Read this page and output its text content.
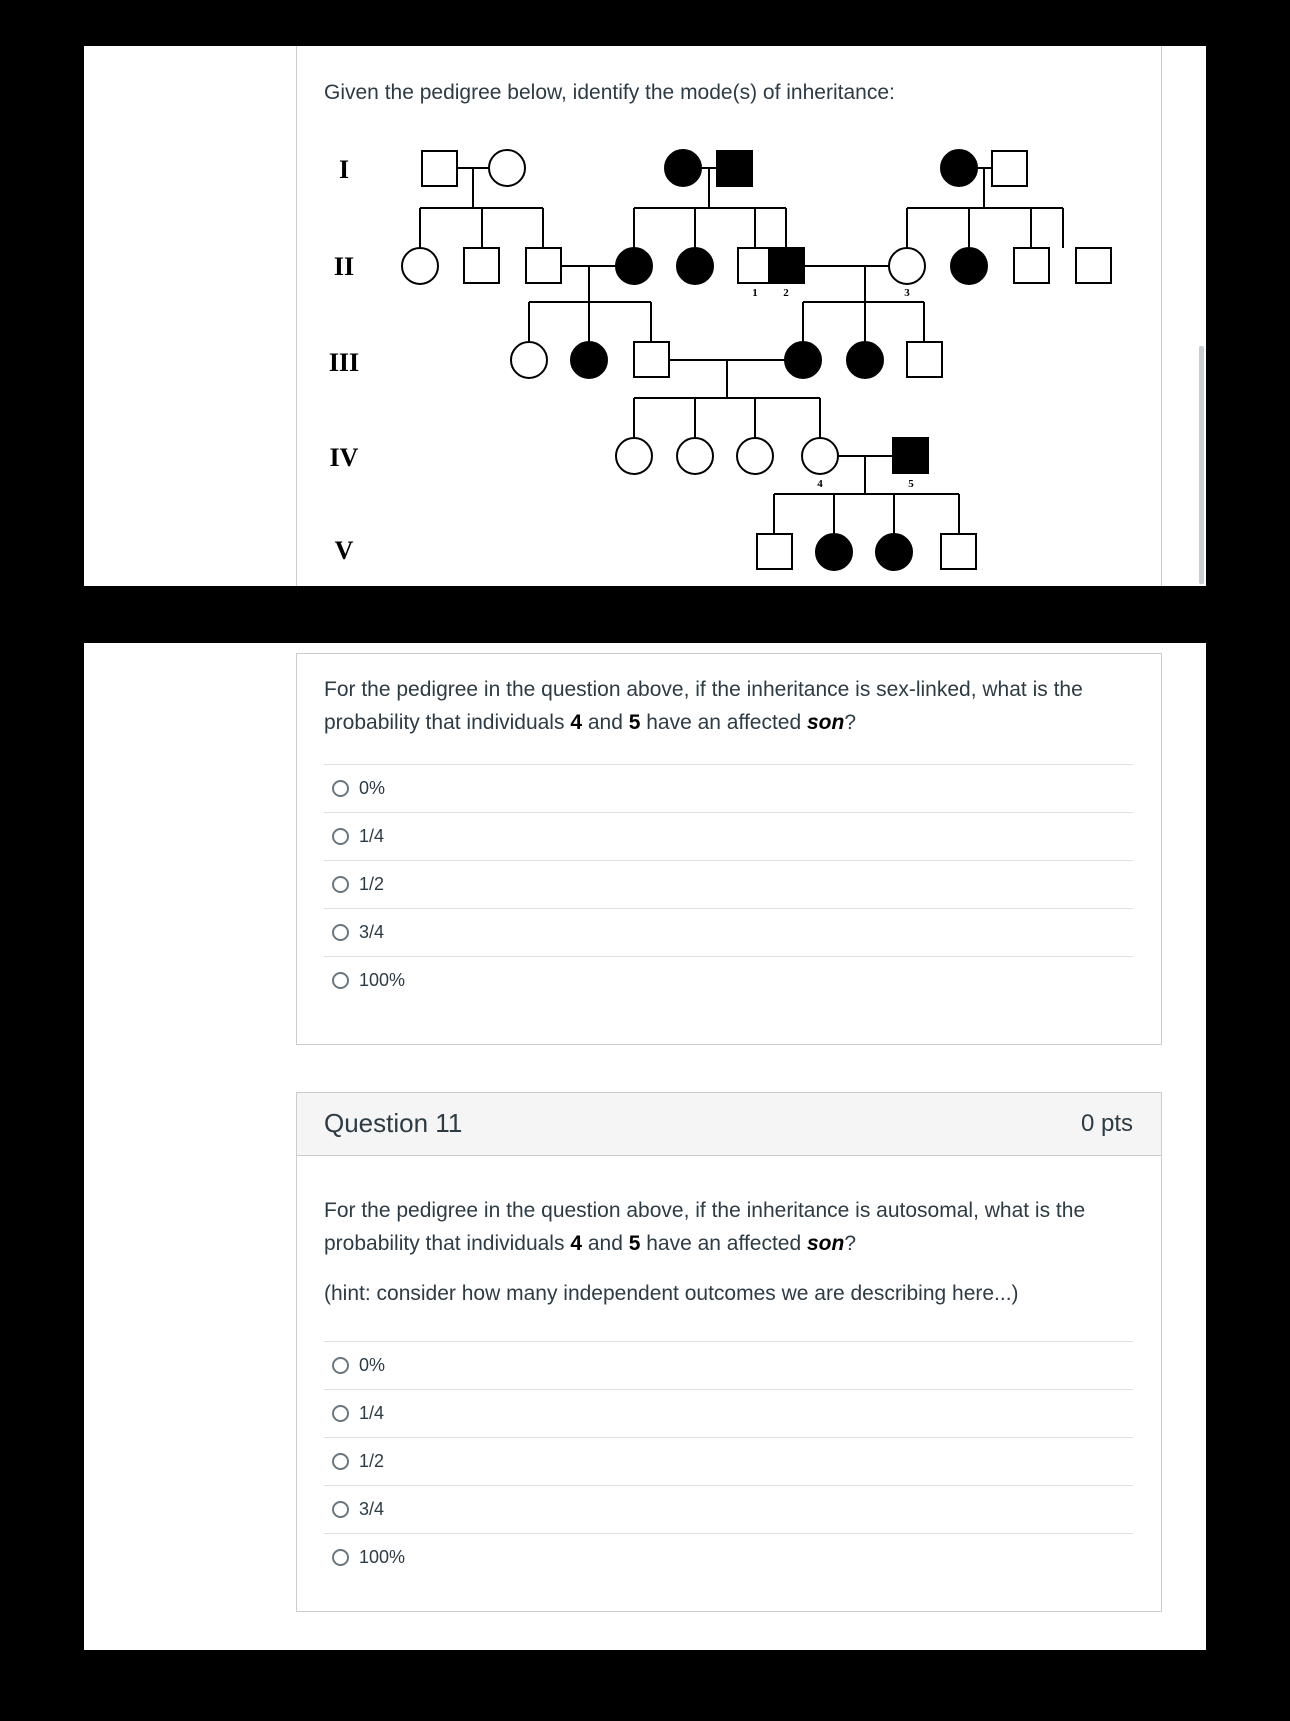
Given the pedigree below, identify the mode(s) of inheritance:
I
II
III
IV
V
1 2	3
4	5
For the pedigree in the question above, if the inheritance is sex-linked, what is the probability that individuals 4 and 5 have an affected son?
0%
1/4
1/2
3/4
100%
Question 11	0 pts
For the pedigree in the question above, if the inheritance is autosomal, what is the probability that individuals 4 and 5 have an affected son?
(hint: consider how many independent outcomes we are describing here...)
0%
1/4
1/2
3/4
100%
